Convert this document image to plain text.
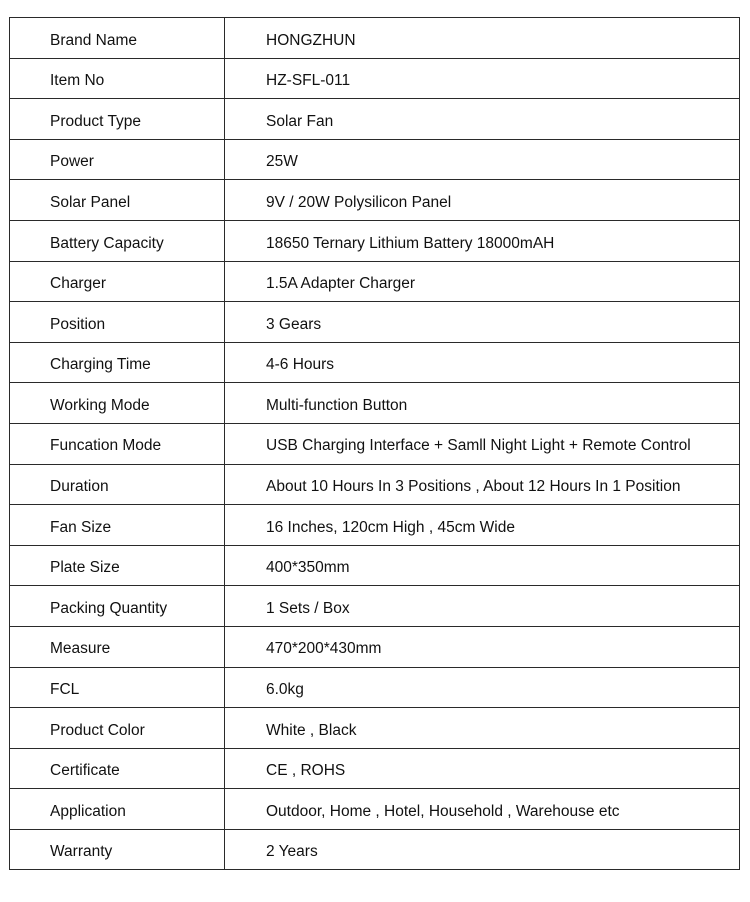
Brand Name	HONGZHUN
Item No	HZ-SFL-011
Product Type	Solar Fan
Power	25W
Solar Panel	9V / 20W Polysilicon Panel
Battery Capacity	18650 Ternary Lithium Battery 18000mAH
Charger	1.5A Adapter Charger
Position	3 Gears
Charging Time	4-6 Hours
Working Mode	Multi-function Button
Funcation Mode	USB Charging Interface + Samll Night Light + Remote Control
Duration	About 10 Hours In 3 Positions , About 12 Hours In 1 Position
Fan Size	16 Inches, 120cm High , 45cm Wide
Plate Size	400*350mm
Packing Quantity	1 Sets / Box
Measure	470*200*430mm
FCL	6.0kg
Product Color	White , Black
Certificate	CE , ROHS
Application	Outdoor, Home , Hotel, Household , Warehouse etc
Warranty	2 Years
